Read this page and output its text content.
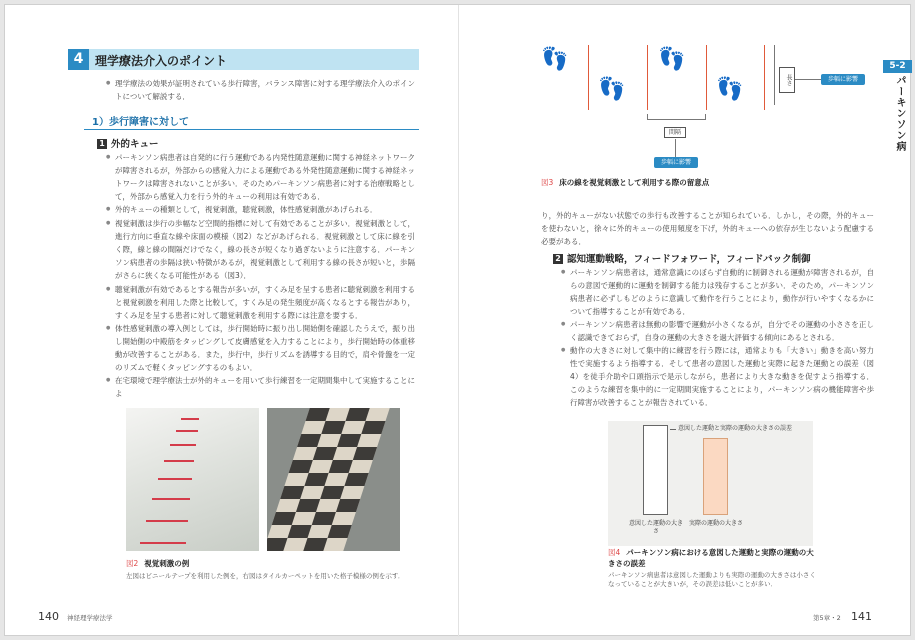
4 理学療法介入のポイント
● 理学療法の効果が証明されている歩行障害，バランス障害に対する理学療法介入のポイントについて解説する．
1）歩行障害に対して
1 外的キュー
● パーキンソン病患者は自発的に行う運動である内発性随意運動に関する神経ネットワークが障害されるが，外部からの感覚入力による運動である外発性随意運動に関する神経ネットワークは障害されないことが多い．そのためパーキンソン病患者に対する治療戦略として，外部から感覚入力を行う外的キューの利用は有効である．
● 外的キューの種類として，視覚刺激，聴覚刺激，体性感覚刺激があげられる．
● 視覚刺激は歩行の歩幅など空間的指標に対して有効であることが多い．視覚刺激として，進行方向に垂直な線や床面の模様（図2）などがあげられる．視覚刺激として床に線を引く際，線と線の間隔だけでなく，線の長さが短くなり過ぎないように注意する．パーキンソン病患者の歩隔は狭い特徴があるが，視覚刺激として利用する線の長さが短いと，歩隔がさらに狭くなる可能性がある（図3）．
● 聴覚刺激が有効であるとする報告が多いが，すくみ足を呈する患者に聴覚刺激を利用すると視覚刺激を利用した際と比較して，すくみ足の発生頻度が高くなるとする報告があり，すくみ足を呈する患者に対して聴覚刺激を利用する際には注意を要する．
● 体性感覚刺激の導入例としては，歩行開始時に振り出し開始側を確認したうえで，振り出し開始側の中殿筋をタッピングして皮膚感覚を入力することにより，歩行開始時の体重移動が改善することがある．また，歩行中，歩行リズムを誘導する目的で，肩や骨盤を一定のリズムで軽くタッピングするのもよい．
● 在宅環境で理学療法士が外的キューを用いて歩行練習を一定期間集中して実施することによ
図2 視覚刺激の例
左図はビニールテープを利用した例を，右図はタイルカーペットを用いた格子模様の例を示す．
140 神経理学療法学
5-2
パーキンソン病
👣
👣
👣
👣	長さ	歩幅に影響
間隔
歩幅に影響
図3 床の線を視覚刺激として利用する際の留意点
り，外的キューがない状態での歩行も改善することが知られている．しかし，その際，外的キューを使わないと，徐々に外的キューの使用頻度を下げ，外的キューへの依存が生じないよう配慮する必要がある．
2 認知運動戦略，フィードフォワード，フィードバック制御
● パーキンソン病患者は，通常意識にのぼらず自動的に制御される運動が障害されるが，自らの意図で運動的に運動を制御する能力は残存することが多い．そのため，パーキンソン病患者に必ずしもどのように意識して動作を行うことにより，動作が行いやすくなるかについて指導することが有効である．
● パーキンソン病患者は無動の影響で運動が小さくなるが，自分でその運動の小ささを正しく認識できておらず，自身の運動の大きさを過大評価する傾向にあるとされる．
● 動作の大きさに対して集中的に練習を行う際には，通常よりも「大きい」動きを高い努力性で実施するよう指導する．そして患者の意図した運動と実際に起きた運動との誤差（図4）を徒手介助や口頭指示で是示しながら，患者により大きな動きを促すよう指導する．このような練習を集中的に一定期間実施することにより，パーキンソン病の機能障害や歩行障害が改善することが報告されている．
意図した運動と実際の運動の大きさの誤差
意図した運動の大きさ
実際の運動の大きさ
図4 パーキンソン病における意図した運動と実際の運動の大きさの誤差
パーキンソン病患者は意図した運動よりも実際の運動の大きさは小さくなっていることが大きいが，その誤差は低いことが多い．
第5章・2 141
